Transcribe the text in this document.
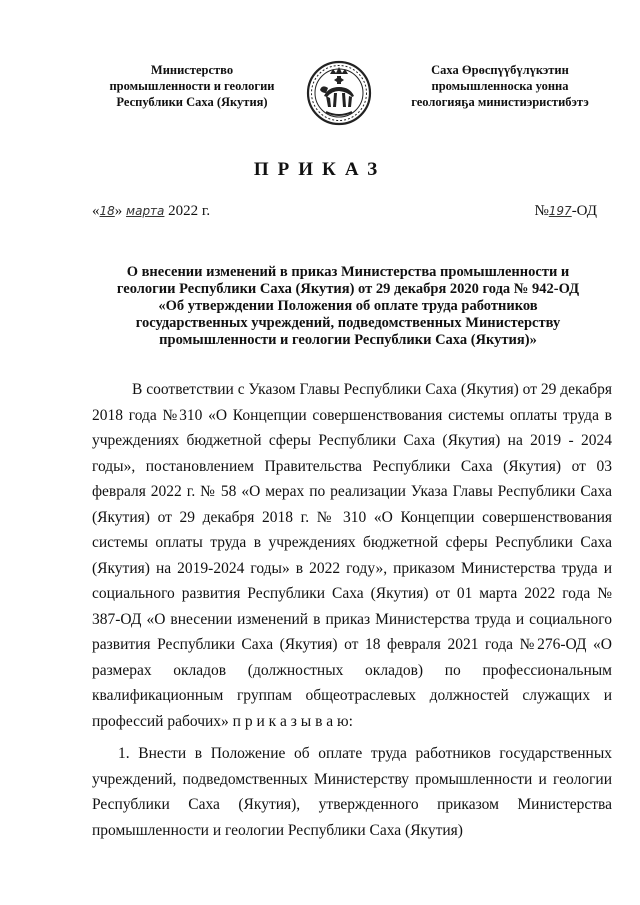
Министерство
промышленности и геологии
Республики Саха (Якутия)
Саха Өрөспүүбүлүкэтин
промышленноска уонна
геологияҕа министиэристибэтэ
ПРИКАЗ
«18» марта 2022 г.	№197-ОД
О внесении изменений в приказ Министерства промышленности и
геологии Республики Саха (Якутия) от 29 декабря 2020 года № 942-ОД
«Об утверждении Положения об оплате труда работников
государственных учреждений, подведомственных Министерству
промышленности и геологии Республики Саха (Якутия)»
В соответствии с Указом Главы Республики Саха (Якутия) от 29 декабря 2018 года №310 «О Концепции совершенствования системы оплаты труда в учреждениях бюджетной сферы Республики Саха (Якутия) на 2019 - 2024 годы», постановлением Правительства Республики Саха (Якутия) от 03 февраля 2022 г. № 58 «О мерах по реализации Указа Главы Республики Саха (Якутия) от 29 декабря 2018 г. № 310 «О Концепции совершенствования системы оплаты труда в учреждениях бюджетной сферы Республики Саха (Якутия) на 2019-2024 годы» в 2022 году», приказом Министерства труда и социального развития Республики Саха (Якутия) от 01 марта 2022 года № 387-ОД «О внесении изменений в приказ Министерства труда и социального развития Республики Саха (Якутия) от 18 февраля 2021 года №276-ОД «О размерах окладов (должностных окладов) по профессиональным квалификационным группам общеотраслевых должностей служащих и профессий рабочих» п р и к а з ы в а ю:
1. Внести в Положение об оплате труда работников государственных учреждений, подведомственных Министерству промышленности и геологии Республики Саха (Якутия), утвержденного приказом Министерства промышленности и геологии Республики Саха (Якутия)
